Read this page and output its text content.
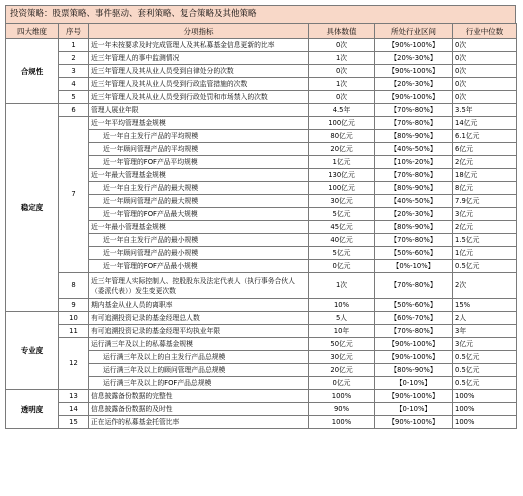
投资策略：股票策略、事件驱动、套利策略、复合策略及其他策略
四大维度	序号	分项指标	具体数值	所处行业区间	行业中位数
合规性	1	近一年未按要求及时完成管理人及其私募基金信息更新的比率	0次	【90%-100%】	0次
	2	近三年管理人的事中监测情况	1次	【20%-30%】	0次
	3	近三年管理人及其从业人员受到自律处分的次数	0次	【90%-100%】	0次
	4	近三年管理人及其从业人员受到行政监管措施的次数	1次	【20%-30%】	0次
	5	近三年管理人及其从业人员受到行政处罚和市场禁入的次数	0次	【90%-100%】	0次
稳定度	6	管理人展业年限	4.5年	【70%-80%】	3.5年
	7	近一年平均管理基金规模	100亿元	【70%-80%】	14亿元
		近一年自主发行产品的平均规模	80亿元	【80%-90%】	6.1亿元
		近一年顾问管理产品的平均规模	20亿元	【40%-50%】	6亿元
		近一年管理的FOF产品平均规模	1亿元	【10%-20%】	2亿元
		近一年最大管理基金规模	130亿元	【70%-80%】	18亿元
		近一年自主发行产品的最大规模	100亿元	【80%-90%】	8亿元
		近一年顾问管理产品的最大规模	30亿元	【40%-50%】	7.9亿元
		近一年管理的FOF产品最大规模	5亿元	【20%-30%】	3亿元
		近一年最小管理基金规模	45亿元	【80%-90%】	2亿元
		近一年自主发行产品的最小规模	40亿元	【70%-80%】	1.5亿元
		近一年顾问管理产品的最小规模	5亿元	【50%-60%】	1亿元
		近一年管理的FOF产品最小规模	0亿元	【0%-10%】	0.5亿元
	8	近三年管理人实际控制人、控股股东及法定代表人（执行事务合伙人（委派代表））发生变更次数	1次	【70%-80%】	2次
	9	期内基金从业人员的离职率	10%	【50%-60%】	15%
专业度	10	有可追溯投资记录的基金经理总人数	5人	【60%-70%】	2人
	11	有可追溯投资记录的基金经理平均执业年限	10年	【70%-80%】	3年
	12	运行满三年及以上的私募基金规模	50亿元	【90%-100%】	3亿元
		运行满三年及以上的自主发行产品总规模	30亿元	【90%-100%】	0.5亿元
		运行满三年及以上的顾问管理产品总规模	20亿元	【80%-90%】	0.5亿元
		运行满三年及以上的FOF产品总规模	0亿元	【0-10%】	0.5亿元
透明度	13	信息披露备份数据的完整性	100%	【90%-100%】	100%
	14	信息披露备份数据的及时性	90%	【0-10%】	100%
	15	正在运作的私募基金托管比率	100%	【90%-100%】	100%
